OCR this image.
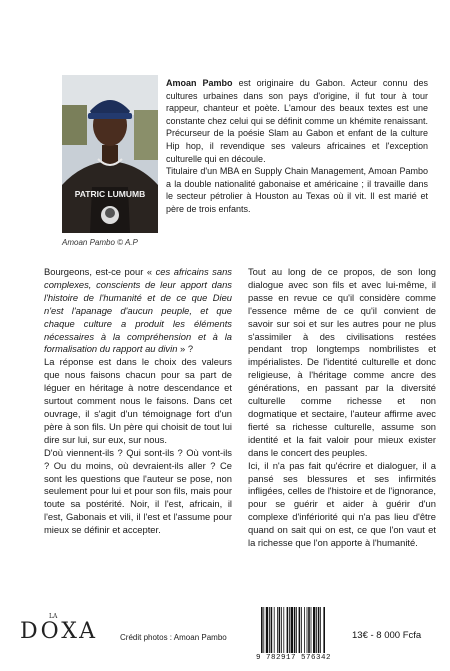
PATRIC LUMUMB
Amoan Pambo © A.P

Amoan Pambo est originaire du Gabon. Acteur connu des cultures urbaines dans son pays d'origine, il fut tour à tour rappeur, chanteur et poète. L'amour des beaux textes est une constante chez celui qui se définit comme un khémite renaissant. Précurseur de la poésie Slam au Gabon et enfant de la culture Hip hop, il revendique ses valeurs africaines et l'exception culturelle qui en découle.

Titulaire d'un MBA en Supply Chain Management, Amoan Pambo a la double nationalité gabonaise et américaine ; il travaille dans le secteur pétrolier à Houston au Texas où il vit. Il est marié et père de trois enfants.

Bourgeons, est-ce pour « ces africains sans complexes, conscients de leur apport dans l'histoire de l'humanité et de ce que Dieu n'est l'apanage d'aucun peuple, et que chaque culture a produit les éléments nécessaires à la compréhension et à la formalisation du rapport au divin » ?

La réponse est dans le choix des valeurs que nous faisons chacun pour sa part de léguer en héritage à notre descendance et surtout comment nous le faisons. Dans cet ouvrage, il s'agit d'un témoignage fort d'un père à son fils. Un père qui choisit de tout lui dire sur lui, sur eux, sur nous.

D'où viennent-ils ? Qui sont-ils ? Où vont-ils ? Ou du moins, où devraient-ils aller ? Ce sont les questions que l'auteur se pose, non seulement pour lui et pour son fils, mais pour toute sa postérité. Noir, il l'est, africain, il l'est, Gabonais et vili, il l'est et l'assume pour mieux se définir et accepter.

Tout au long de ce propos, de son long dialogue avec son fils et avec lui-même, il passe en revue ce qu'il considère comme l'essence même de ce qu'il convient de savoir sur soi et sur les autres pour ne plus s'assimiler à des civilisations restées pendant trop longtemps nombrilistes et impérialistes. De l'identité culturelle et donc religieuse, à l'héritage comme ancre des générations, en passant par la diversité culturelle comme richesse et non dogmatique et sectaire, l'auteur affirme avec fierté sa richesse culturelle, assume son identité et la fait valoir pour mieux exister dans le concert des peuples.

Ici, il n'a pas fait qu'écrire et dialoguer, il a pansé ses blessures et ses infirmités infligées, celles de l'histoire et de l'ignorance, pour se guérir et aider à guérir d'un complexe d'infériorité qui n'a pas lieu d'être quand on sait qui on est, ce que l'on vaut et la richesse que l'on apporte à l'humanité.

LA
DOXA	Crédit photos : Amoan Pambo
9 782917 576342
13€ - 8 000 Fcfa
